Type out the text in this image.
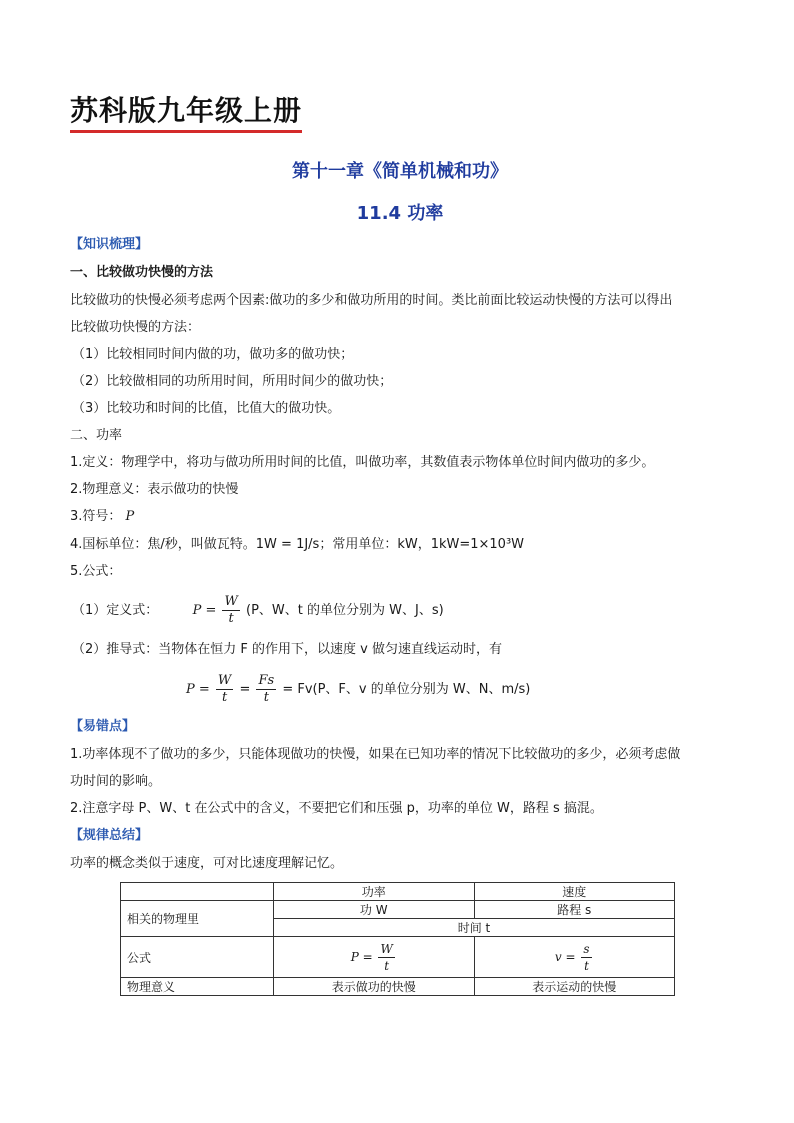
苏科版九年级上册
第十一章《简单机械和功》
11.4 功率
【知识梳理】
一、比较做功快慢的方法
比较做功的快慢必须考虑两个因素:做功的多少和做功所用的时间。类比前面比较运动快慢的方法可以得出
比较做功快慢的方法：
（1）比较相同时间内做的功，做功多的做功快；
（2）比较做相同的功所用时间，所用时间少的做功快；
（3）比较功和时间的比值，比值大的做功快。
二、功率
1.定义：物理学中，将功与做功所用时间的比值，叫做功率，其数值表示物体单位时间内做功的多少。
2.物理意义：表示做功的快慢
3.符号： P
4.国标单位：焦/秒，叫做瓦特。1W = 1J/s；常用单位：kW，1kW=1×10³W
5.公式：
（1）定义式：	$P = \frac{W}{t} (P$、W、t 的单位分别为 W、J、s)
（2）推导式：当物体在恒力 F 的作用下，以速度 v 做匀速直线运动时，有
$P = \frac{W}{t} = \frac{Fs}{t} = Fv(P$、F、v 的单位分别为 W、N、m/s)
【易错点】
1.功率体现不了做功的多少，只能体现做功的快慢，如果在已知功率的情况下比较做功的多少，必须考虑做
功时间的影响。
2.注意字母 P、W、t 在公式中的含义，不要把它们和压强 p，功率的单位 W，路程 s 搞混。
【规律总结】
功率的概念类似于速度，可对比速度理解记忆。
	功率	速度
相关的物理里	功 W	路程 s
	时间 t	
公式	$P = \frac{W}{t}$	$v = \frac{s}{t}$

物理意义	表示做功的快慢	表示运动的快慢
